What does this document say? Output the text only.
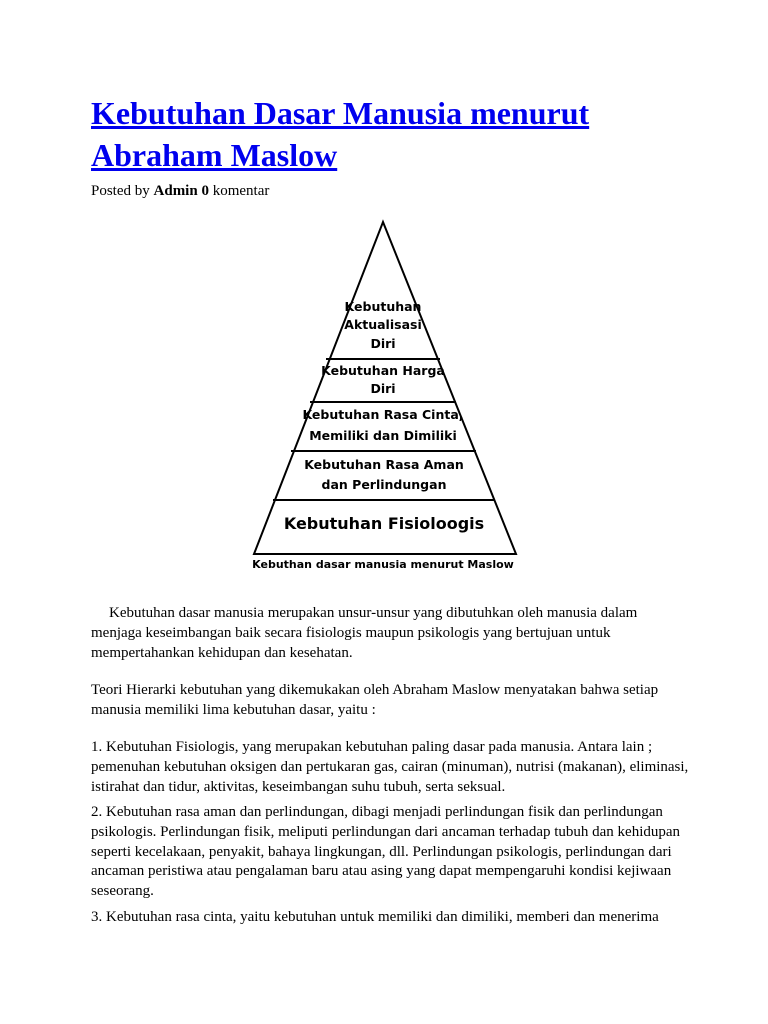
Kebutuhan Dasar Manusia menurut Abraham Maslow
Posted by Admin 0 komentar
Kebutuhan
Aktualisasi
Diri
Kebutuhan Harga
Diri
Kebutuhan Rasa Cinta,
Memiliki dan Dimiliki
Kebutuhan Rasa Aman
dan Perlindungan
Kebutuhan Fisioloogis
Kebuthan dasar manusia menurut Maslow

Kebutuhan dasar manusia merupakan unsur-unsur yang dibutuhkan oleh manusia dalam menjaga keseimbangan baik secara fisiologis maupun psikologis yang bertujuan untuk mempertahankan kehidupan dan kesehatan.

Teori Hierarki kebutuhan yang dikemukakan oleh Abraham Maslow menyatakan bahwa setiap manusia memiliki lima kebutuhan dasar, yaitu :

1. Kebutuhan Fisiologis, yang merupakan kebutuhan paling dasar pada manusia. Antara lain ; pemenuhan kebutuhan oksigen dan pertukaran gas, cairan (minuman), nutrisi (makanan), eliminasi, istirahat dan tidur, aktivitas, keseimbangan suhu tubuh, serta seksual.

2. Kebutuhan rasa aman dan perlindungan, dibagi menjadi perlindungan fisik dan perlindungan psikologis. Perlindungan fisik, meliputi perlindungan dari ancaman terhadap tubuh dan kehidupan seperti kecelakaan, penyakit, bahaya lingkungan, dll. Perlindungan psikologis, perlindungan dari ancaman peristiwa atau pengalaman baru atau asing yang dapat mempengaruhi kondisi kejiwaan seseorang.

3. Kebutuhan rasa cinta, yaitu kebutuhan untuk memiliki dan dimiliki, memberi dan menerima
